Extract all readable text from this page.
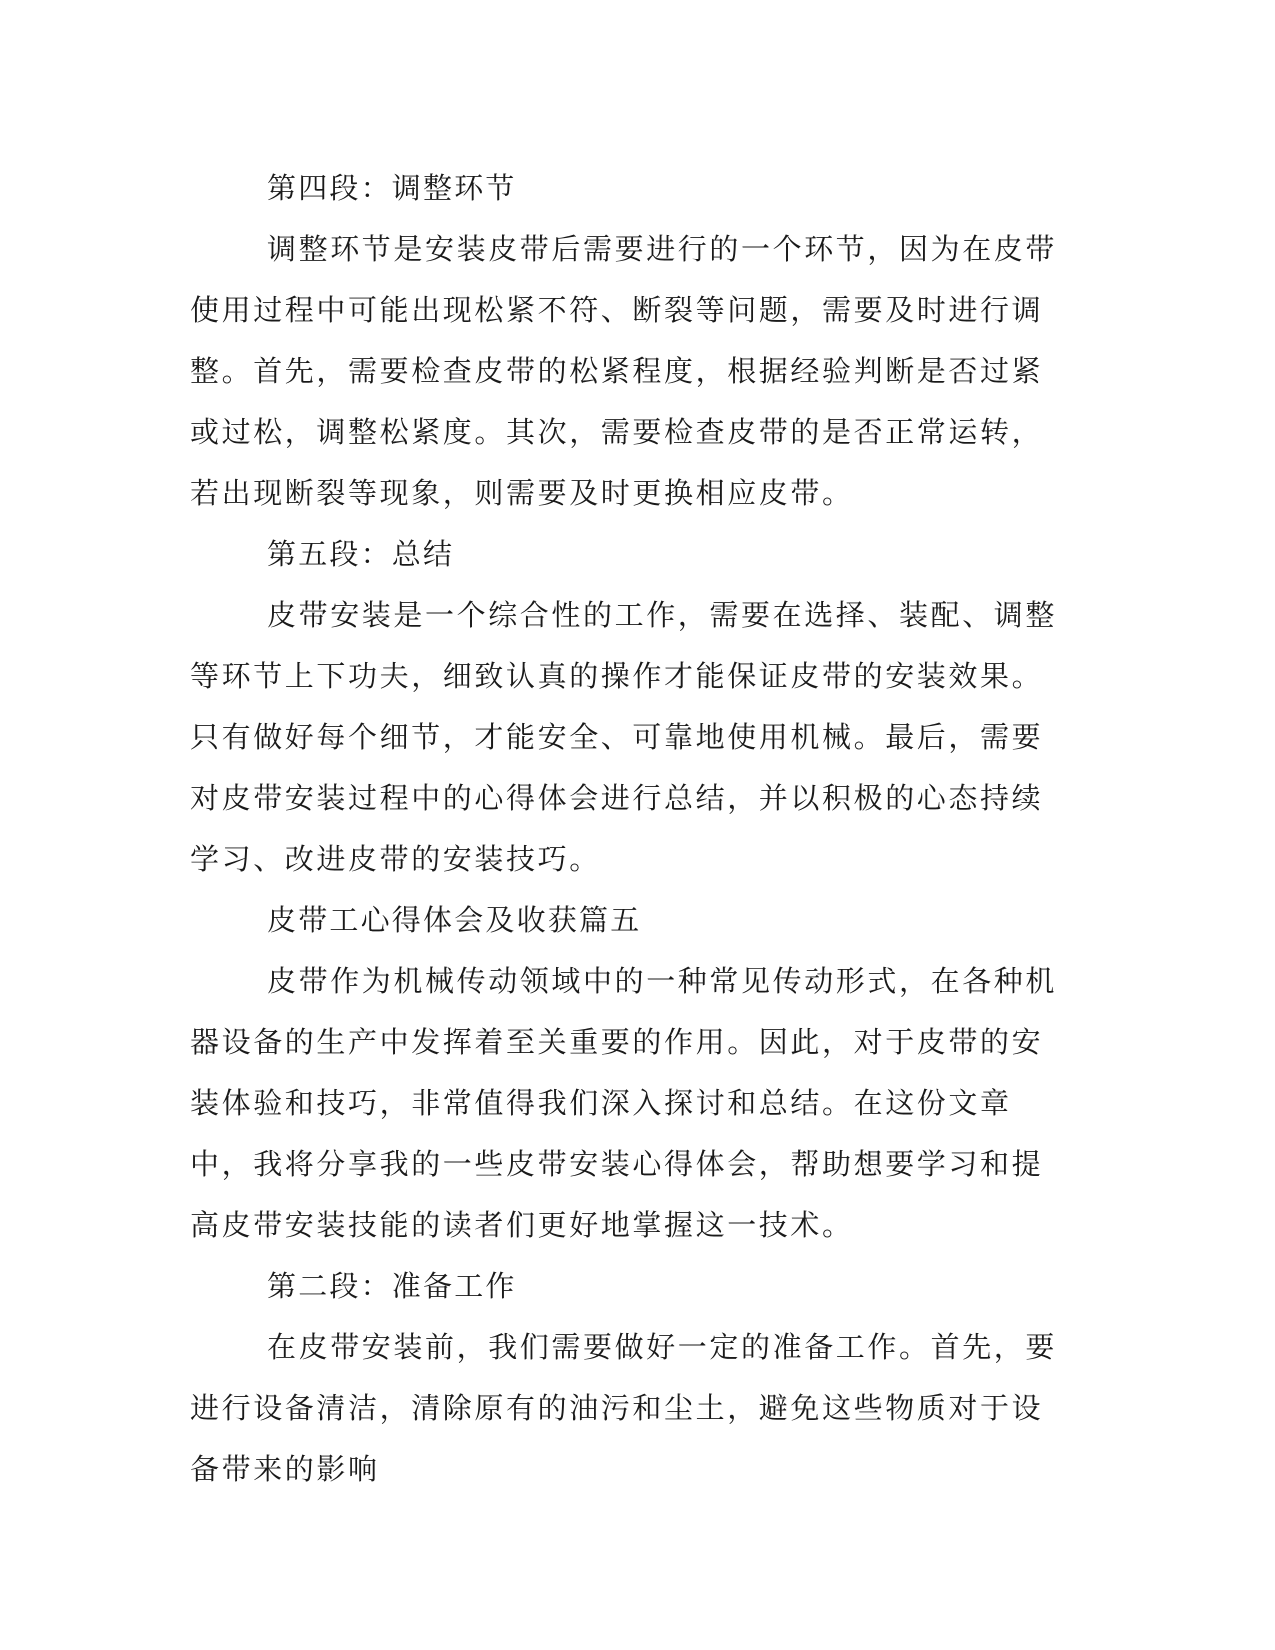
第四段：调整环节

调整环节是安装皮带后需要进行的一个环节，因为在皮带使用过程中可能出现松紧不符、断裂等问题，需要及时进行调整。首先，需要检查皮带的松紧程度，根据经验判断是否过紧或过松，调整松紧度。其次，需要检查皮带的是否正常运转，若出现断裂等现象，则需要及时更换相应皮带。

第五段：总结

皮带安装是一个综合性的工作，需要在选择、装配、调整等环节上下功夫，细致认真的操作才能保证皮带的安装效果。只有做好每个细节，才能安全、可靠地使用机械。最后，需要对皮带安装过程中的心得体会进行总结，并以积极的心态持续学习、改进皮带的安装技巧。

皮带工心得体会及收获篇五

皮带作为机械传动领域中的一种常见传动形式，在各种机器设备的生产中发挥着至关重要的作用。因此，对于皮带的安装体验和技巧，非常值得我们深入探讨和总结。在这份文章中，我将分享我的一些皮带安装心得体会，帮助想要学习和提高皮带安装技能的读者们更好地掌握这一技术。

第二段：准备工作

在皮带安装前，我们需要做好一定的准备工作。首先，要进行设备清洁，清除原有的油污和尘土，避免这些物质对于设备带来的影响
